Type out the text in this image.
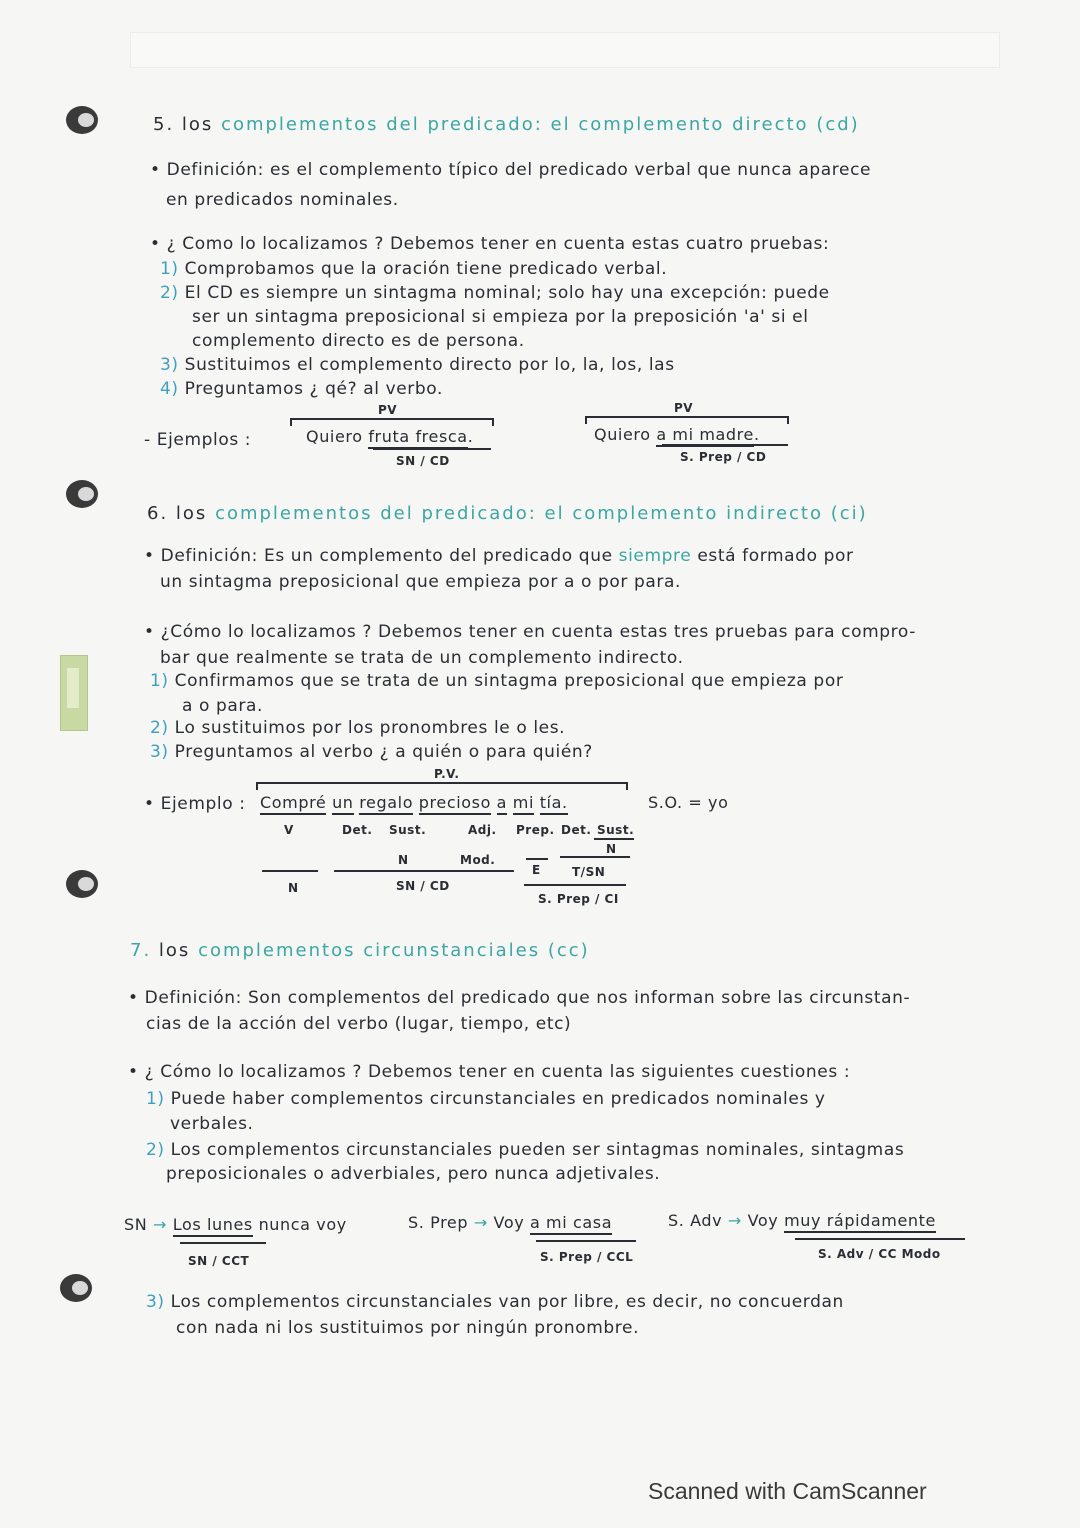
5. los complementos del predicado: el complemento directo (cd)
• Definición: es el complemento típico del predicado verbal que nunca aparece
en predicados nominales.
• ¿ Como lo localizamos ? Debemos tener en cuenta estas cuatro pruebas:
1) Comprobamos que la oración tiene predicado verbal.
2) El CD es siempre un sintagma nominal; solo hay una excepción: puede
ser un sintagma preposicional si empieza por la preposición 'a' si el
complemento directo es de persona.
3) Sustituimos el complemento directo por lo, la, los, las
4) Preguntamos ¿ qé? al verbo.
- Ejemplos :
PV
Quiero fruta fresca.
SN / CD
PV
Quiero a mi madre.
S. Prep / CD
6. los complementos del predicado: el complemento indirecto (ci)
• Definición: Es un complemento del predicado que siempre está formado por
un sintagma preposicional que empieza por a o por para.
• ¿Cómo lo localizamos ? Debemos tener en cuenta estas tres pruebas para compro-
bar que realmente se trata de un complemento indirecto.
1) Confirmamos que se trata de un sintagma preposicional que empieza por
a o para.
2) Lo sustituimos por los pronombres le o les.
3) Preguntamos al verbo ¿ a quién o para quién?
P.V.
• Ejemplo : Compré un regalo precioso a mi tía.	S.O. = yo
V	Det. Sust.	Adj. Prep. Det. Sust.
N	Mod.
N
E	T/SN
N	SN / CD
S. Prep / CI
7. los complementos circunstanciales (cc)
• Definición: Son complementos del predicado que nos informan sobre las circunstan-
cias de la acción del verbo (lugar, tiempo, etc)
• ¿ Cómo lo localizamos ? Debemos tener en cuenta las siguientes cuestiones :
1) Puede haber complementos circunstanciales en predicados nominales y
verbales.
2) Los complementos circunstanciales pueden ser sintagmas nominales, sintagmas
preposicionales o adverbiales, pero nunca adjetivales.
SN → Los lunes nunca voy
SN / CCT
S. Prep → Voy a mi casa
S. Prep / CCL
S. Adv → Voy muy rápidamente
S. Adv / CC Modo
3) Los complementos circunstanciales van por libre, es decir, no concuerdan
con nada ni los sustituimos por ningún pronombre.
Scanned with CamScanner
